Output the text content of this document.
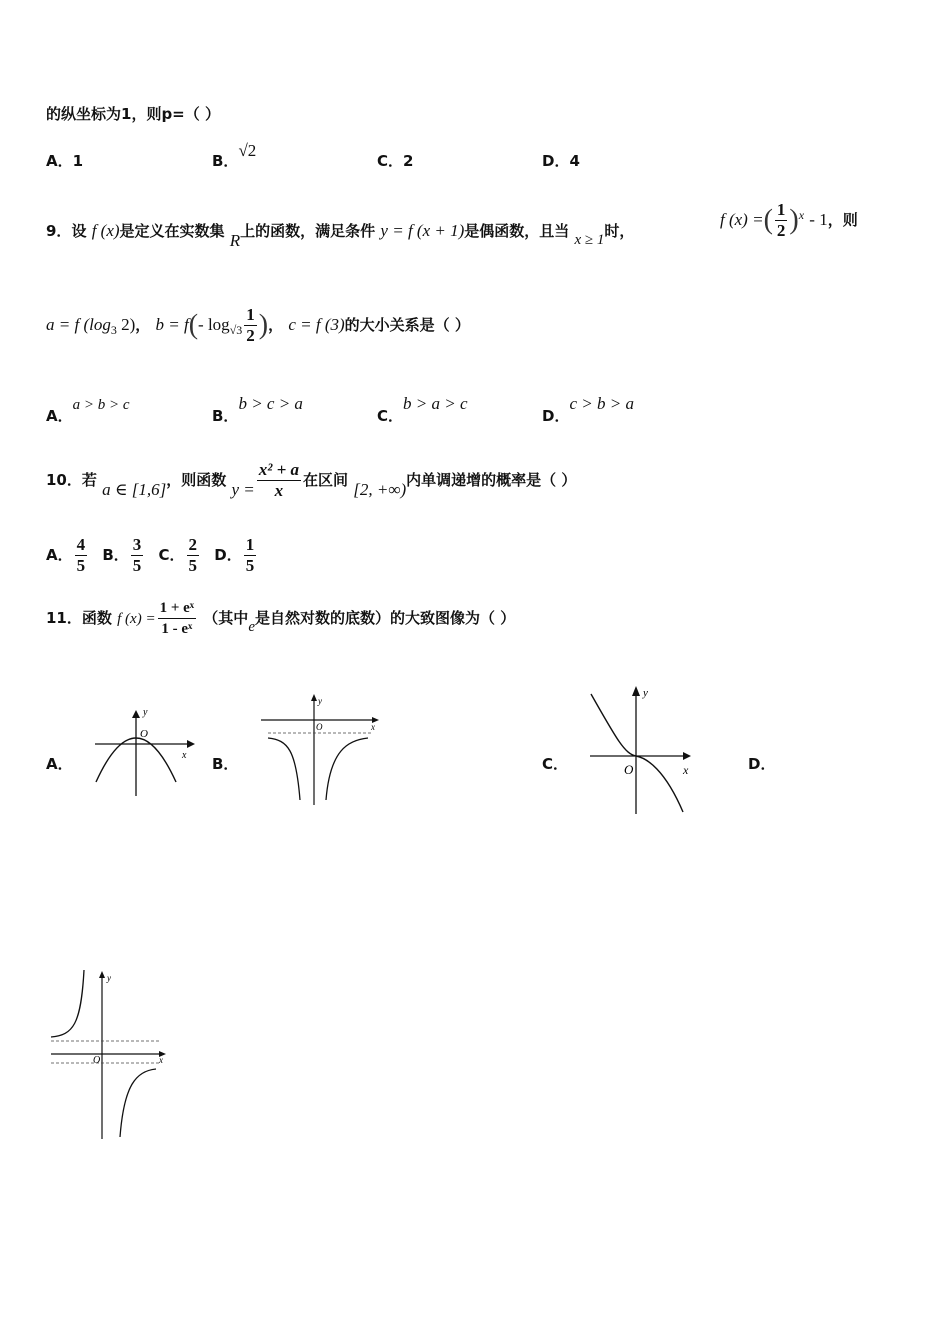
的纵坐标为1，则p=（ ）
A．1	B．√2
C．2	D．4
9．设 f (x)是定义在实数集 R上的函数，满足条件 y = f (x + 1)是偶函数，且当 x ≥ 1时，
f (x) =( $\frac{1}{2} )^x - 1$，则
a = f ($\log_3$ 2)， b = f(- $\log_{√3} \frac{1}{2}$ )， c = f (3)的大小关系是（ ）
A．a > b > c
B．b > c > a
C．b > a > c
D．c > b > a
10．若 a ∈ [1,6]，则函数 $y = \frac{\text{x² + a}}{x}$ 在区间 [2, +∞)内单调递增的概率是（ ）
A． $\frac{4}{5}$ B． $\frac{3}{5}$ C． $\frac{2}{5}$ D． $\frac{1}{5}$
11．函数 f $(x) = \frac{\text{1 + eˣ}}{\text{1 - eˣ}}$ （其中e是自然对数的底数）的大致图像为（ ）
A．	B．	C．	D．
O
y
x
O
y
x
O
y
x
O
y
x
